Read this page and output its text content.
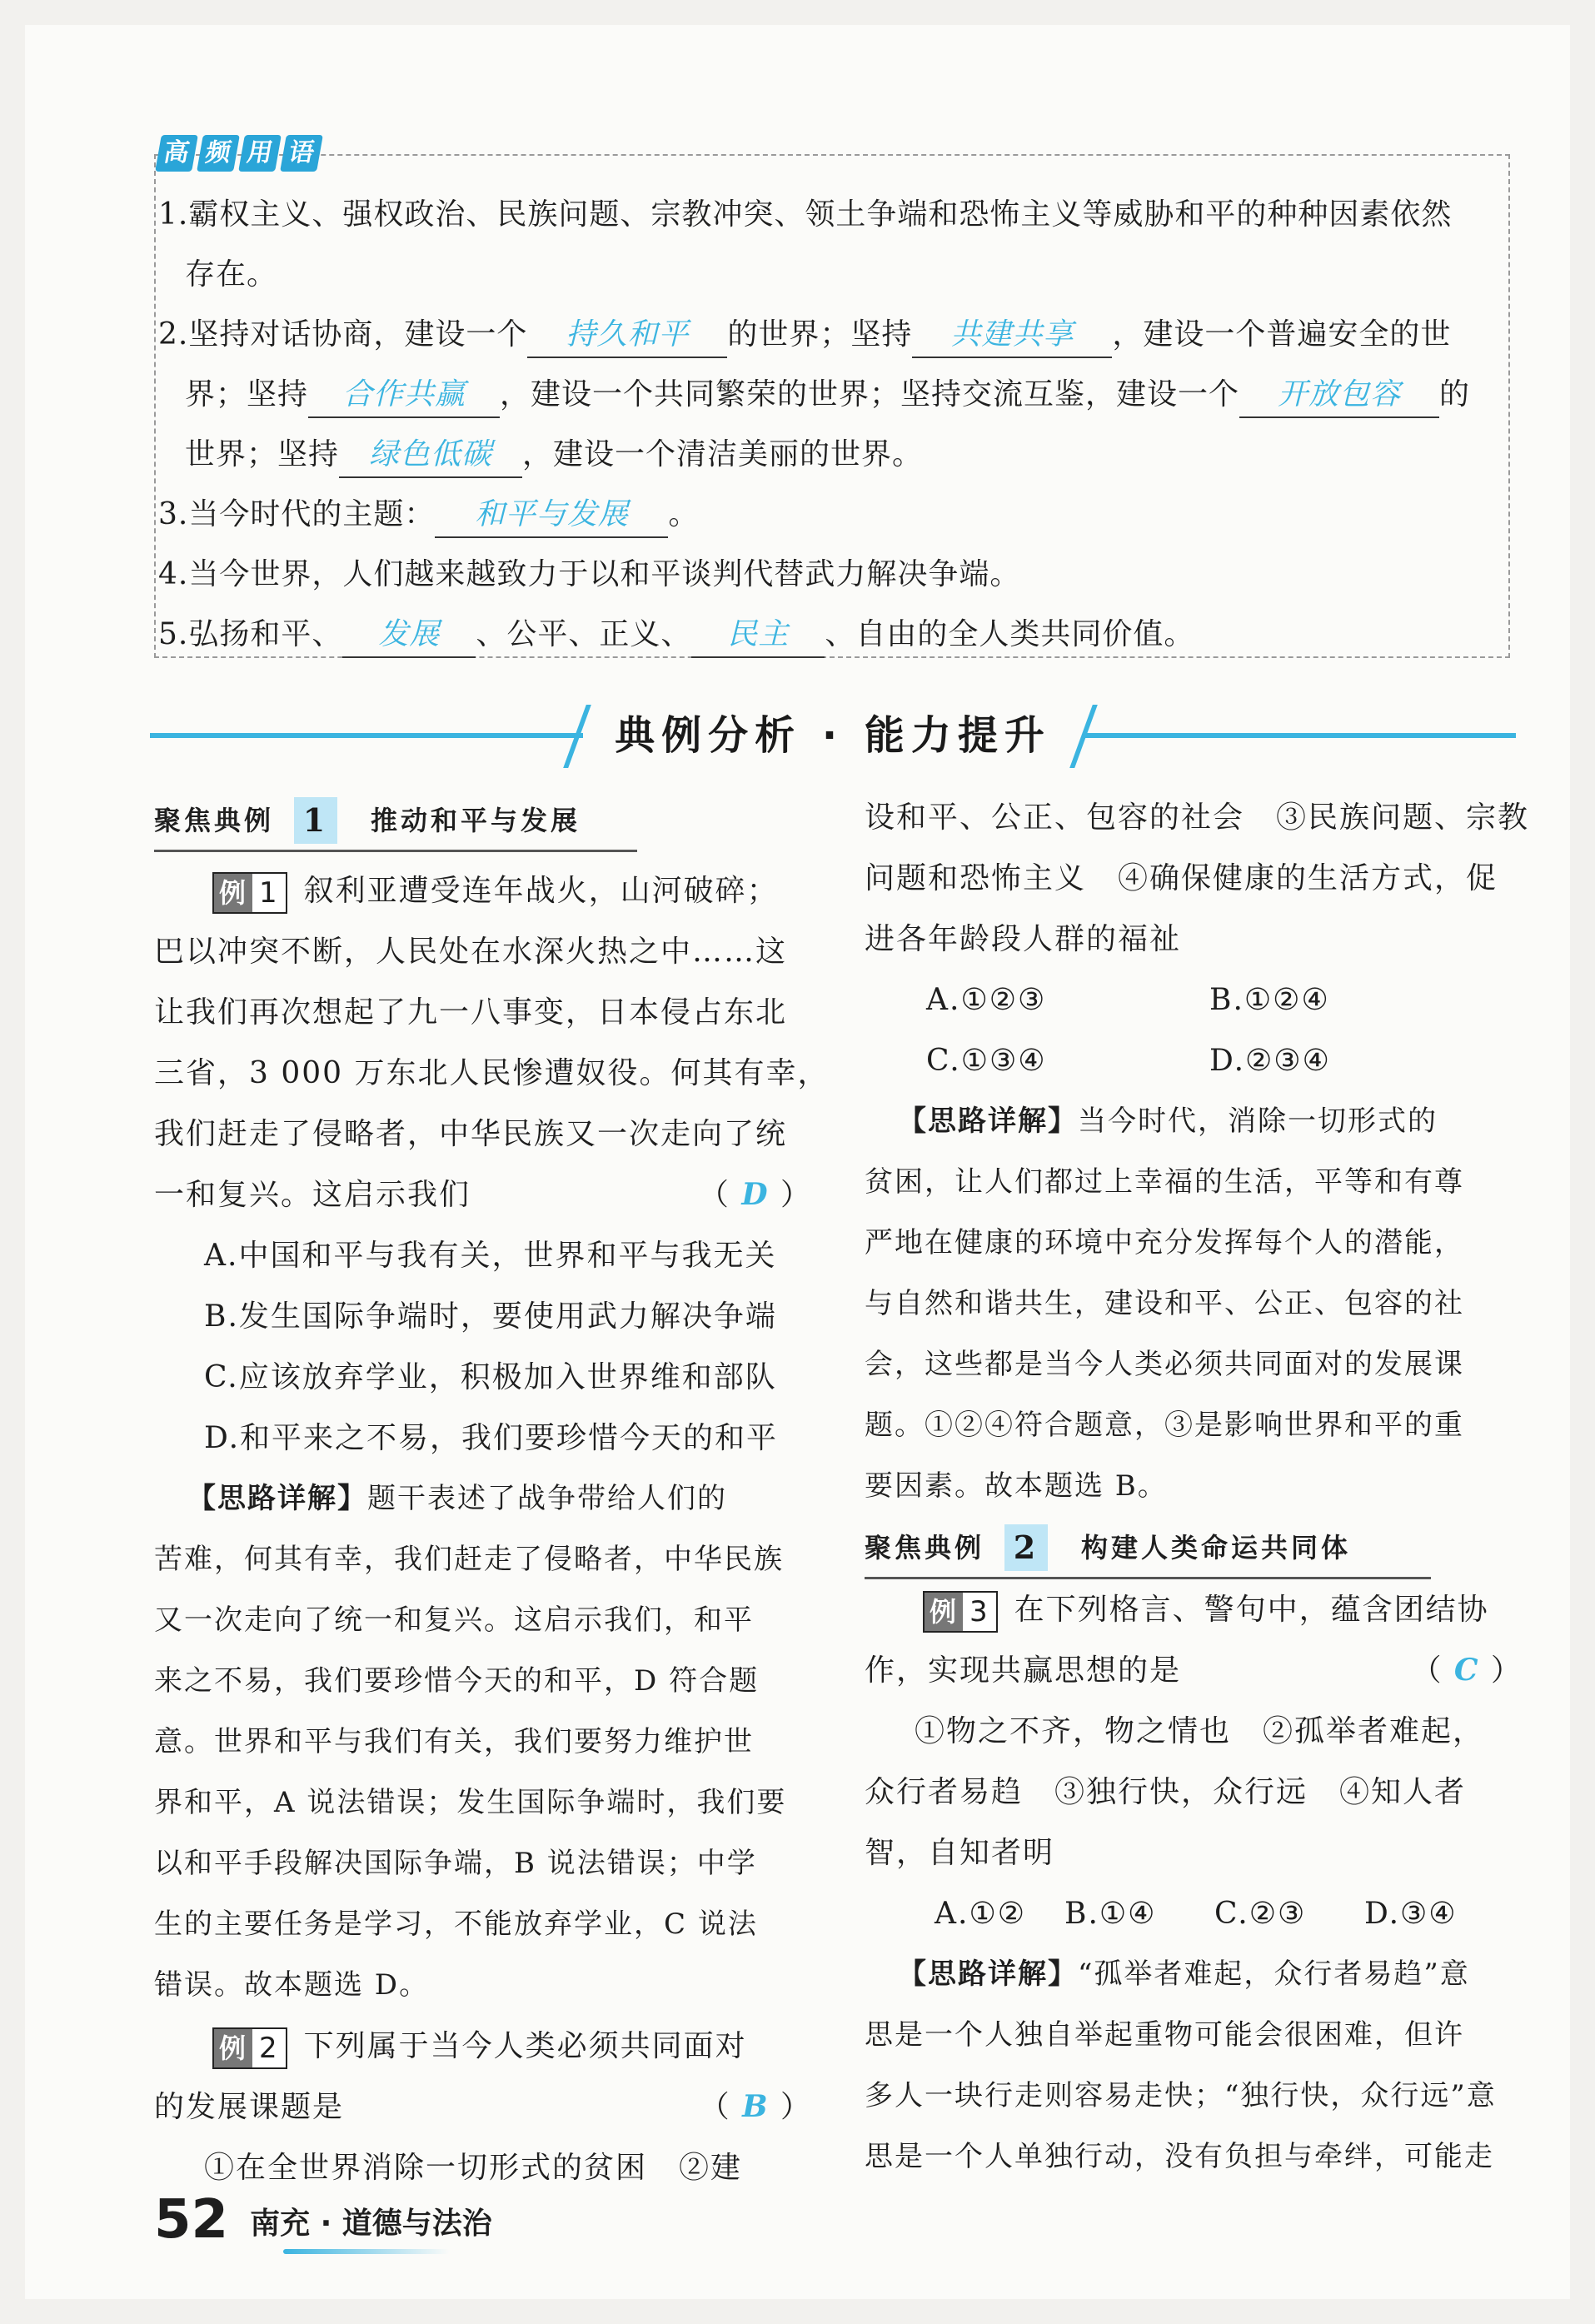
高 频 用 语
1.霸权主义、强权政治、民族问题、宗教冲突、领土争端和恐怖主义等威胁和平的种种因素依然
存在。
2.坚持对话协商，建设一个 持久和平 的世界；坚持 共建共享 ，建设一个普遍安全的世
界；坚持 合作共赢 ，建设一个共同繁荣的世界；坚持交流互鉴，建设一个 开放包容 的
世界；坚持 绿色低碳 ，建设一个清洁美丽的世界。
3.当今时代的主题： 和平与发展 。
4.当今世界，人们越来越致力于以和平谈判代替武力解决争端。
5.弘扬和平、 发展 、公平、正义、 民主 、自由的全人类共同价值。
典例分析 · 能力提升
聚焦典例 1	推动和平与发展
例 1 叙利亚遭受连年战火，山河破碎；
巴以冲突不断，人民处在水深火热之中……这
让我们再次想起了九一八事变，日本侵占东北
三省，3 000 万东北人民惨遭奴役。何其有幸，
我们赶走了侵略者，中华民族又一次走向了统
一和复兴。这启示我们	（ D ）
A.中国和平与我有关，世界和平与我无关
B.发生国际争端时，要使用武力解决争端
C.应该放弃学业，积极加入世界维和部队
D.和平来之不易，我们要珍惜今天的和平
【思路详解】题干表述了战争带给人们的
苦难，何其有幸，我们赶走了侵略者，中华民族
又一次走向了统一和复兴。这启示我们，和平
来之不易，我们要珍惜今天的和平，D 符合题
意。世界和平与我们有关，我们要努力维护世
界和平，A 说法错误；发生国际争端时，我们要
以和平手段解决国际争端，B 说法错误；中学
生的主要任务是学习，不能放弃学业，C 说法
错误。故本题选 D。
例 2 下列属于当今人类必须共同面对
的发展课题是	（ B ）
①在全世界消除一切形式的贫困　②建
设和平、公正、包容的社会　③民族问题、宗教
问题和恐怖主义　④确保健康的生活方式，促
进各年龄段人群的福祉
A.①②③	B.①②④
C.①③④	D.②③④
【思路详解】当今时代，消除一切形式的
贫困，让人们都过上幸福的生活，平等和有尊
严地在健康的环境中充分发挥每个人的潜能，
与自然和谐共生，建设和平、公正、包容的社
会，这些都是当今人类必须共同面对的发展课
题。①②④符合题意，③是影响世界和平的重
要因素。故本题选 B。
聚焦典例 2	构建人类命运共同体
例 3 在下列格言、警句中，蕴含团结协
作，实现共赢思想的是	（ C ）
①物之不齐，物之情也　②孤举者难起，
众行者易趋　③独行快，众行远　④知人者
智，自知者明
A.①② B.①④ C.②③ D.③④
【思路详解】“孤举者难起，众行者易趋”意
思是一个人独自举起重物可能会很困难，但许
多人一块行走则容易走快；“独行快，众行远”意
思是一个人单独行动，没有负担与牵绊，可能走
52 南充 · 道德与法治
